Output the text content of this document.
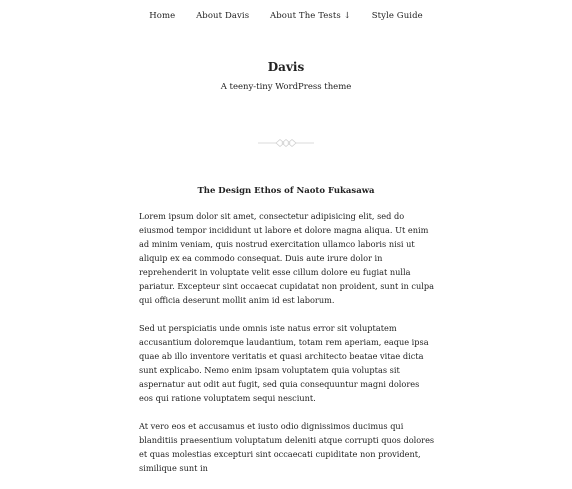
Home About Davis About The Tests ↓ Style Guide
Davis
A teeny-tiny WordPress theme
The Design Ethos of Naoto Fukasawa

Lorem ipsum dolor sit amet, consectetur adipisicing elit, sed do eiusmod tempor incididunt ut labore et dolore magna aliqua. Ut enim ad minim veniam, quis nostrud exercitation ullamco laboris nisi ut aliquip ex ea commodo consequat. Duis aute irure dolor in reprehenderit in voluptate velit esse cillum dolore eu fugiat nulla pariatur. Excepteur sint occaecat cupidatat non proident, sunt in culpa qui officia deserunt mollit anim id est laborum.

Sed ut perspiciatis unde omnis iste natus error sit voluptatem accusantium doloremque laudantium, totam rem aperiam, eaque ipsa quae ab illo inventore veritatis et quasi architecto beatae vitae dicta sunt explicabo. Nemo enim ipsam voluptatem quia voluptas sit aspernatur aut odit aut fugit, sed quia consequuntur magni dolores eos qui ratione voluptatem sequi nesciunt.

At vero eos et accusamus et iusto odio dignissimos ducimus qui blanditiis praesentium voluptatum deleniti atque corrupti quos dolores et quas molestias excepturi sint occaecati cupiditate non provident, similique sunt in
